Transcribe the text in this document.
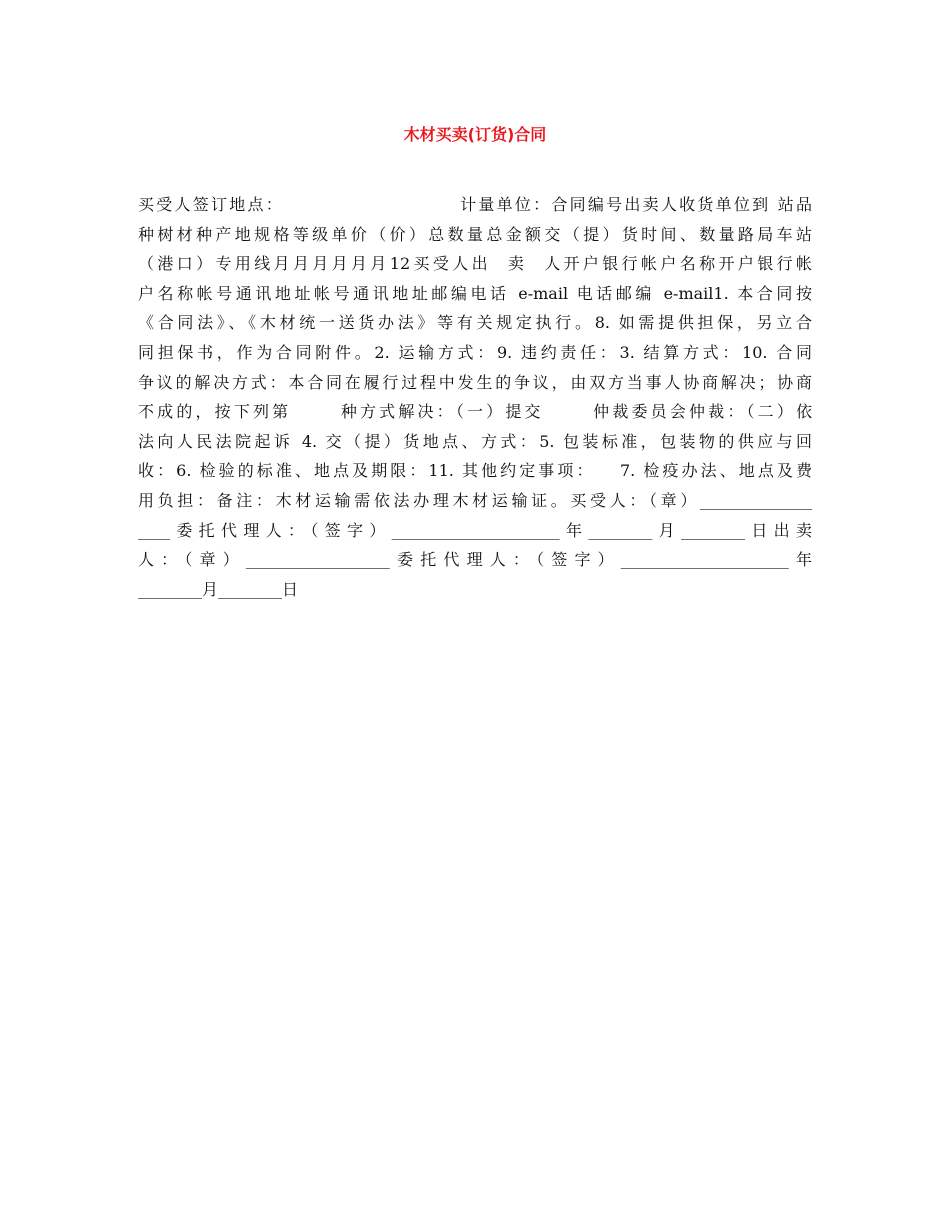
木材买卖(订货)合同
买受人签订地点：                        计量单位：合同编号出卖人收货单位到 站品
种树材种产地规格等级单价（价）总数量总金额交（提）货时间、数量路局车站
（港口）专用线月月月月月月12买受人出  卖  人开户银行帐户名称开户银行帐
户名称帐号通讯地址帐号通讯地址邮编电话 e-mail 电话邮编 e-mail1. 本合同按
《合同法》、《木材统一送货办法》等有关规定执行。8. 如需提供担保，另立合
同担保书，作为合同附件。2. 运输方式：9. 违约责任：3. 结算方式：10. 合同
争议的解决方式：本合同在履行过程中发生的争议，由双方当事人协商解决；协商
不成的，按下列第      种方式解决：（一）提交      仲裁委员会仲裁：（二）依
法向人民法院起诉 4. 交（提）货地点、方式：5. 包装标准，包装物的供应与回
收：6. 检验的标准、地点及期限：11. 其他约定事项：   7. 检疫办法、地点及费
用负担：备注：木材运输需依法办理木材运输证。买受人：（章）______________
____委托代理人：（签字）_____________________年________月________日出卖
人：（章）__________________委托代理人：（签字）_____________________年
________月________日
